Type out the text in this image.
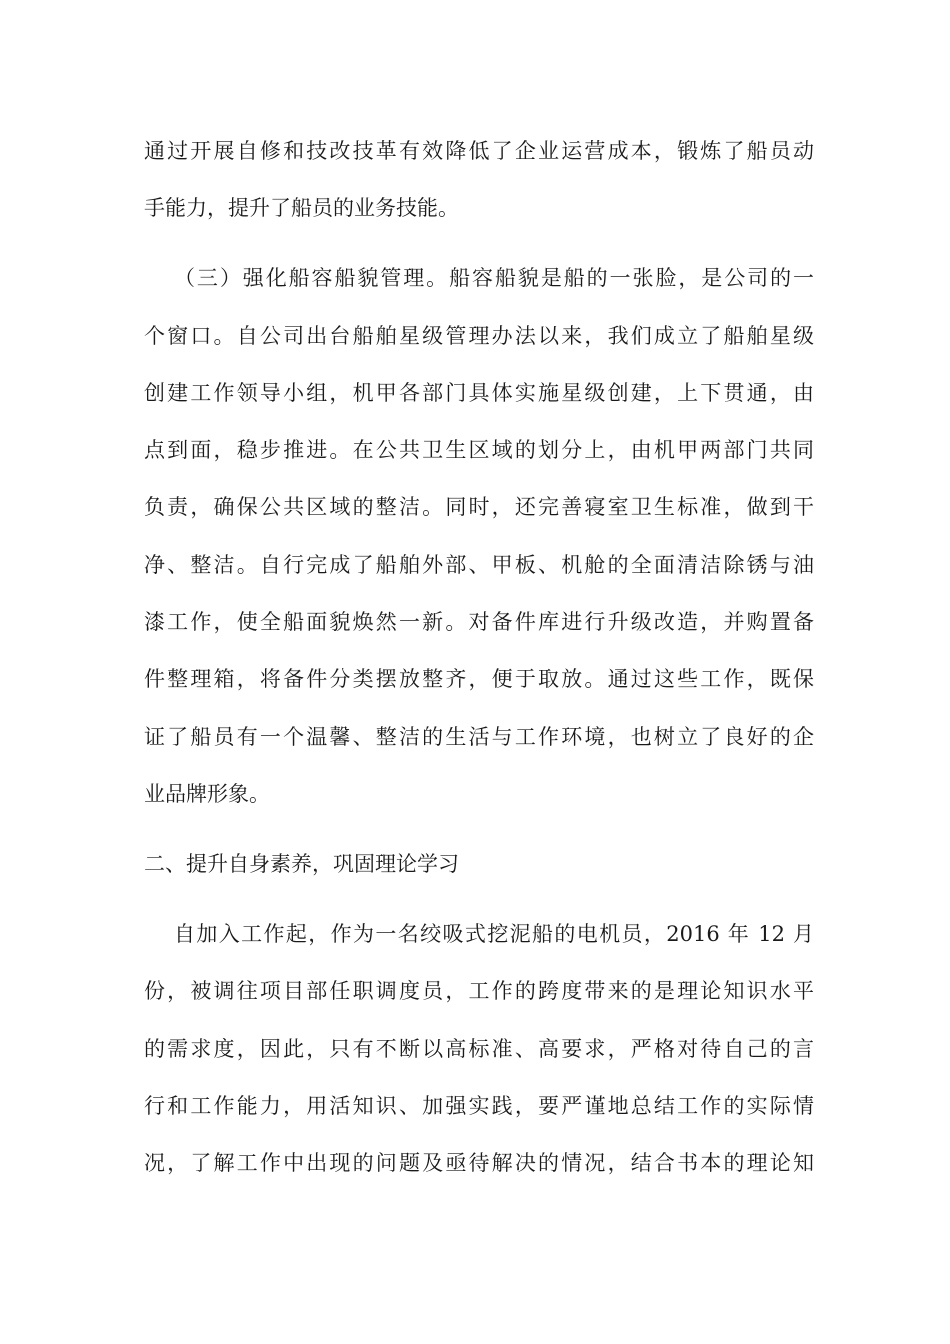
通过开展自修和技改技革有效降低了企业运营成本，锻炼了船员动
手能力，提升了船员的业务技能。
（三）强化船容船貌管理。船容船貌是船的一张脸，是公司的一
个窗口。自公司出台船舶星级管理办法以来，我们成立了船舶星级
创建工作领导小组，机甲各部门具体实施星级创建，上下贯通，由
点到面，稳步推进。在公共卫生区域的划分上，由机甲两部门共同
负责，确保公共区域的整洁。同时，还完善寝室卫生标准，做到干
净、整洁。自行完成了船舶外部、甲板、机舱的全面清洁除锈与油
漆工作，使全船面貌焕然一新。对备件库进行升级改造，并购置备
件整理箱，将备件分类摆放整齐，便于取放。通过这些工作，既保
证了船员有一个温馨、整洁的生活与工作环境，也树立了良好的企
业品牌形象。
二、提升自身素养，巩固理论学习
自加入工作起，作为一名绞吸式挖泥船的电机员，2016 年 12 月
份，被调往项目部任职调度员，工作的跨度带来的是理论知识水平
的需求度，因此，只有不断以高标准、高要求，严格对待自己的言
行和工作能力，用活知识、加强实践，要严谨地总结工作的实际情
况，了解工作中出现的问题及亟待解决的情况，结合书本的理论知
